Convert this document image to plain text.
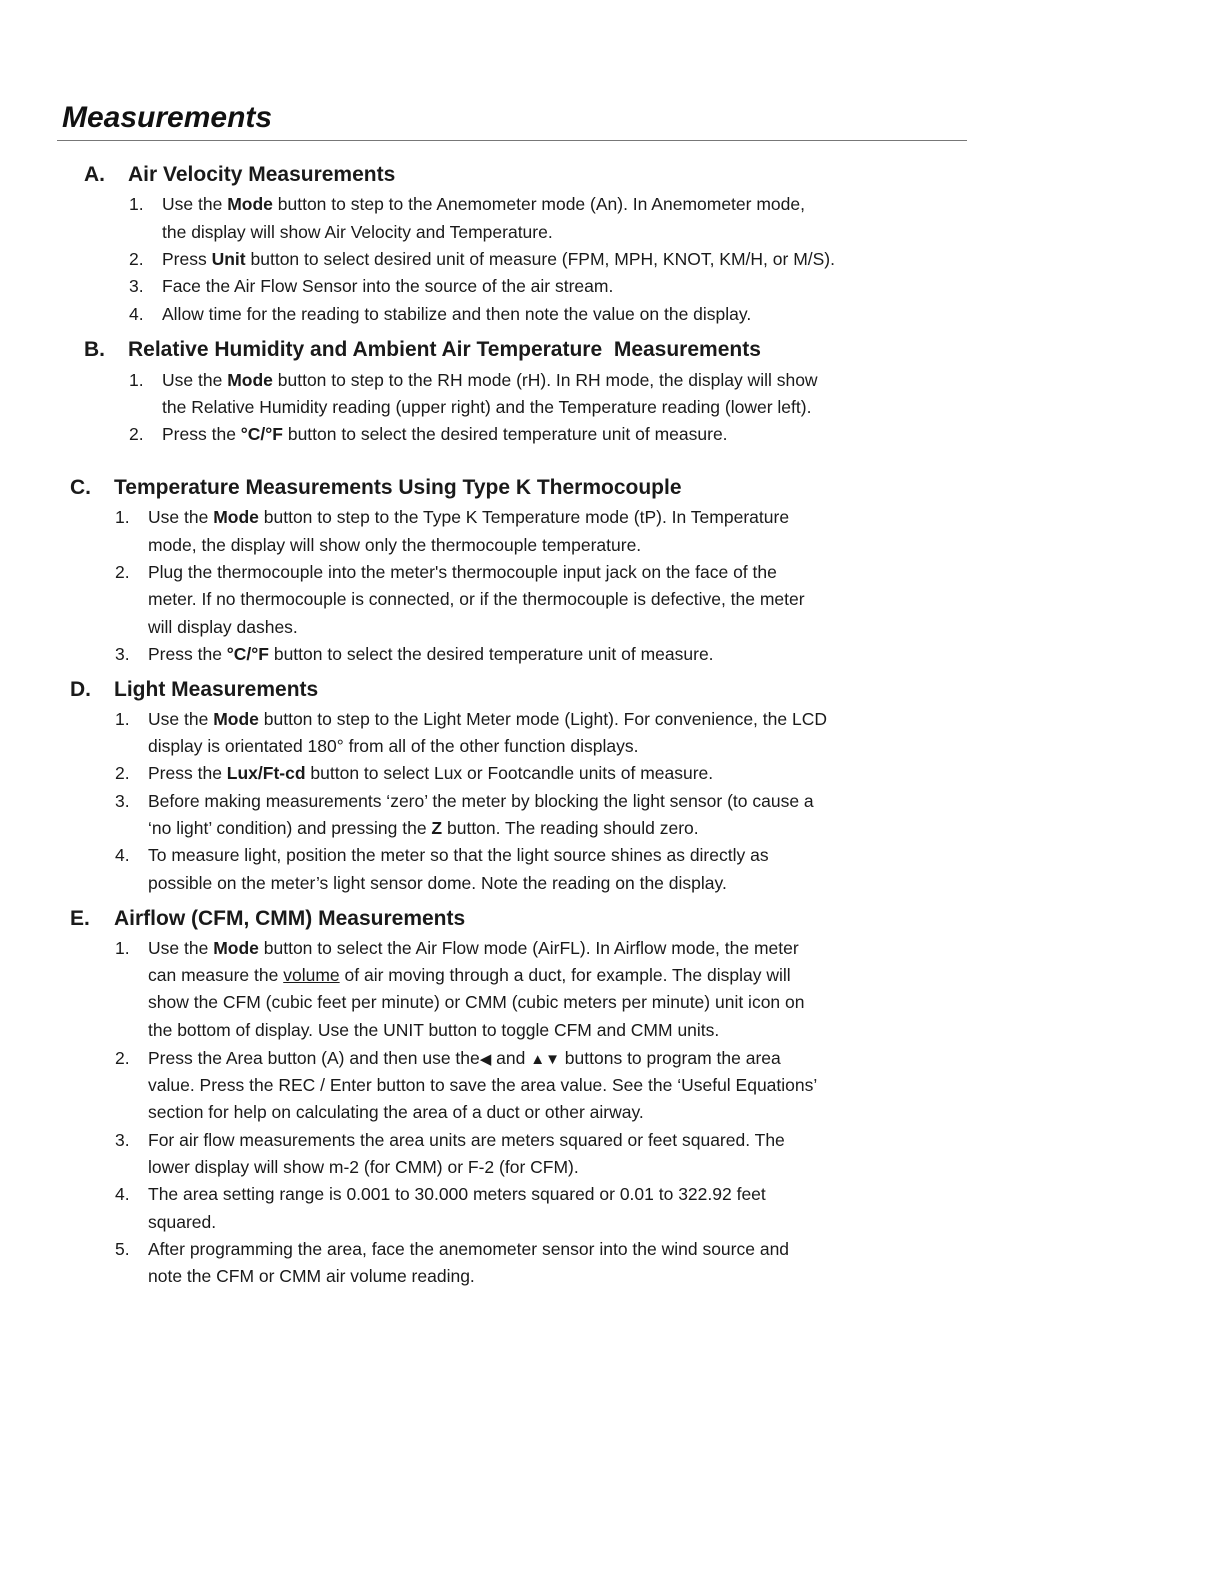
Measurements
A. Air Velocity Measurements
1. Use the Mode button to step to the Anemometer mode (An). In Anemometer mode,
the display will show Air Velocity and Temperature.
2. Press Unit button to select desired unit of measure (FPM, MPH, KNOT, KM/H, or M/S).
3. Face the Air Flow Sensor into the source of the air stream.
4. Allow time for the reading to stabilize and then note the value on the display.
B. Relative Humidity and Ambient Air Temperature  Measurements
1. Use the Mode button to step to the RH mode (rH). In RH mode, the display will show
the Relative Humidity reading (upper right) and the Temperature reading (lower left).
2. Press the °C/°F button to select the desired temperature unit of measure.
C. Temperature Measurements Using Type K Thermocouple
1. Use the Mode button to step to the Type K Temperature mode (tP). In Temperature
mode, the display will show only the thermocouple temperature.
2. Plug the thermocouple into the meter's thermocouple input jack on the face of the
meter. If no thermocouple is connected, or if the thermocouple is defective, the meter
will display dashes.
3. Press the °C/°F button to select the desired temperature unit of measure.
D. Light Measurements
1. Use the Mode button to step to the Light Meter mode (Light). For convenience, the LCD
display is orientated 180° from all of the other function displays.
2. Press the Lux/Ft-cd button to select Lux or Footcandle units of measure.
3. Before making measurements ‘zero’ the meter by blocking the light sensor (to cause a
‘no light’ condition) and pressing the Z button. The reading should zero.
4. To measure light, position the meter so that the light source shines as directly as
possible on the meter’s light sensor dome. Note the reading on the display.
E. Airflow (CFM, CMM) Measurements
1. Use the Mode button to select the Air Flow mode (AirFL). In Airflow mode, the meter
can measure the volume of air moving through a duct, for example. The display will
show the CFM (cubic feet per minute) or CMM (cubic meters per minute) unit icon on
the bottom of display. Use the UNIT button to toggle CFM and CMM units.
2. Press the Area button (A) and then use the◀ and ▲▼ buttons to program the area
value. Press the REC / Enter button to save the area value. See the ‘Useful Equations’
section for help on calculating the area of a duct or other airway.
3. For air flow measurements the area units are meters squared or feet squared. The
lower display will show m-2 (for CMM) or F-2 (for CFM).
4. The area setting range is 0.001 to 30.000 meters squared or 0.01 to 322.92 feet
squared.
5. After programming the area, face the anemometer sensor into the wind source and
note the CFM or CMM air volume reading.
